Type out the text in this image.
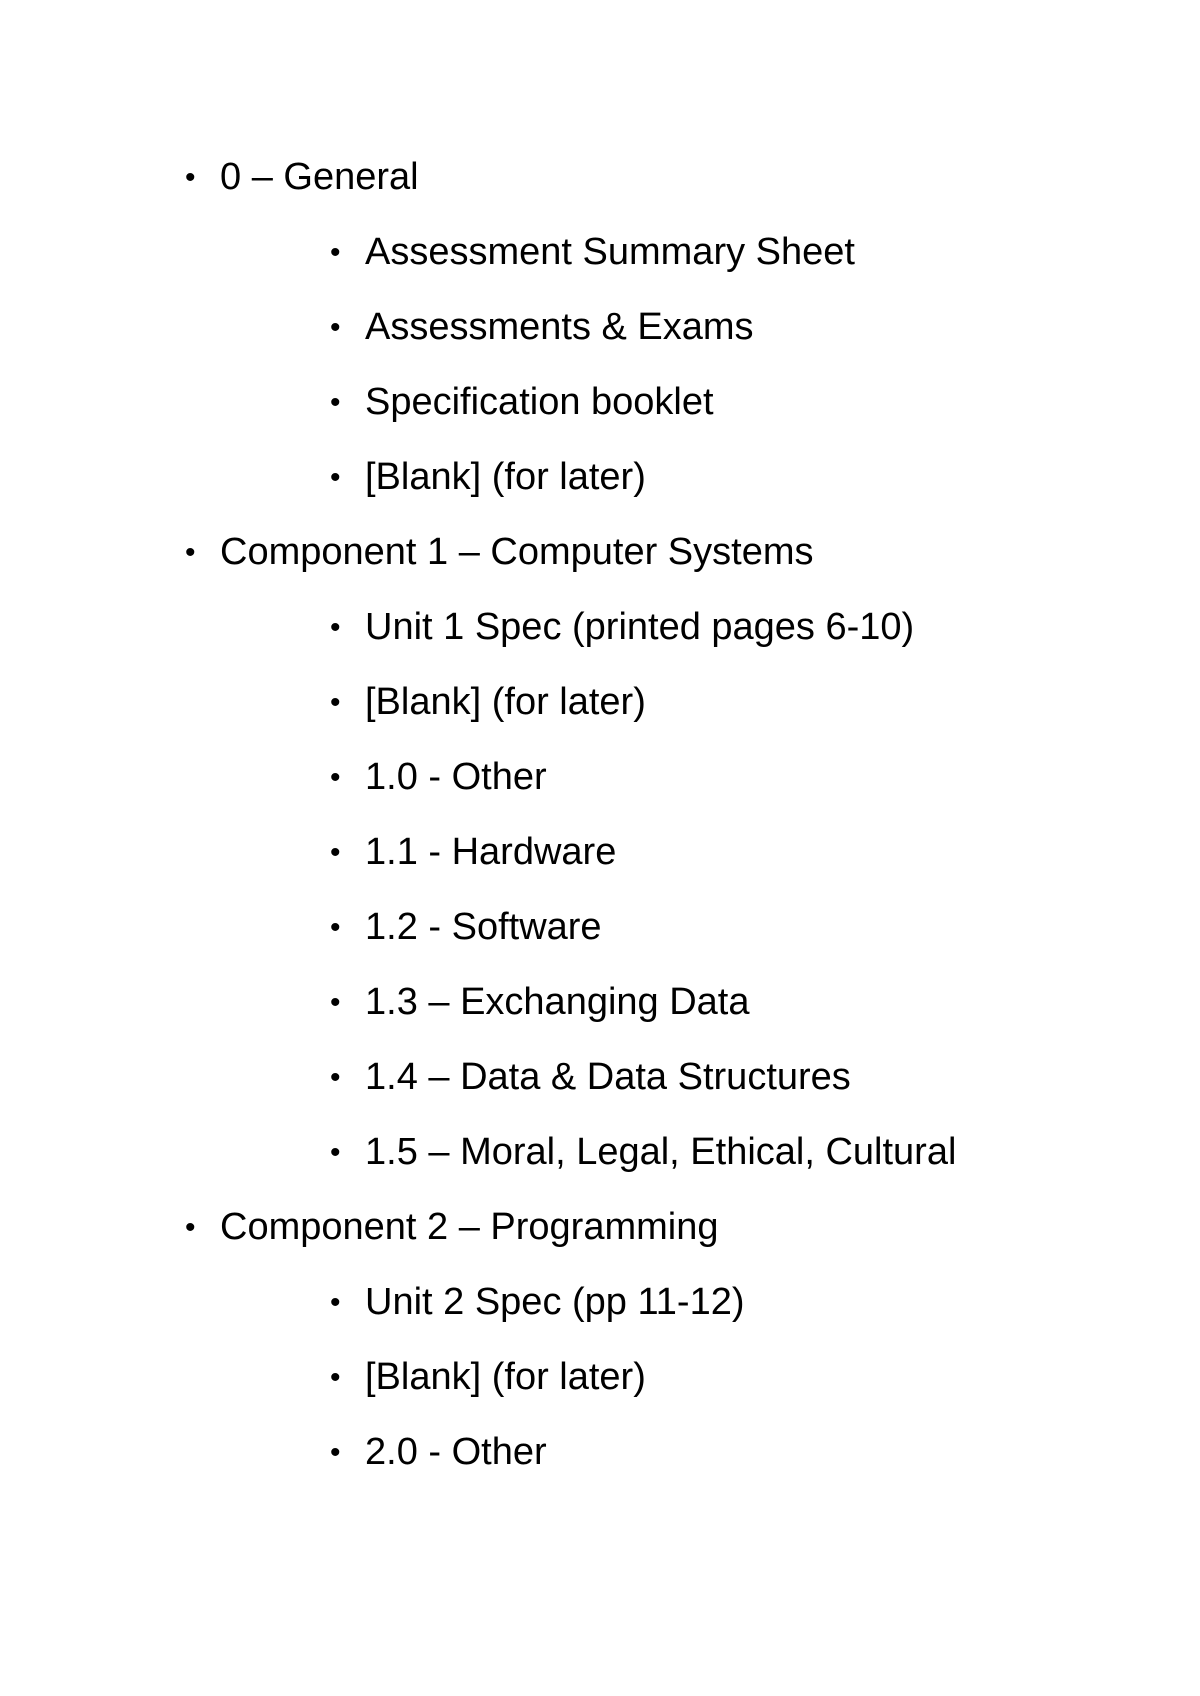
• 0 – General
• Assessment Summary Sheet
• Assessments & Exams
• Specification booklet
• [Blank] (for later)
• Component 1 – Computer Systems
• Unit 1 Spec (printed pages 6-10)
• [Blank] (for later)
• 1.0 - Other
• 1.1 - Hardware
• 1.2 - Software
• 1.3 – Exchanging Data
• 1.4 – Data & Data Structures
• 1.5 – Moral, Legal, Ethical, Cultural
• Component 2 – Programming
• Unit 2 Spec (pp 11-12)
• [Blank] (for later)
• 2.0 - Other
